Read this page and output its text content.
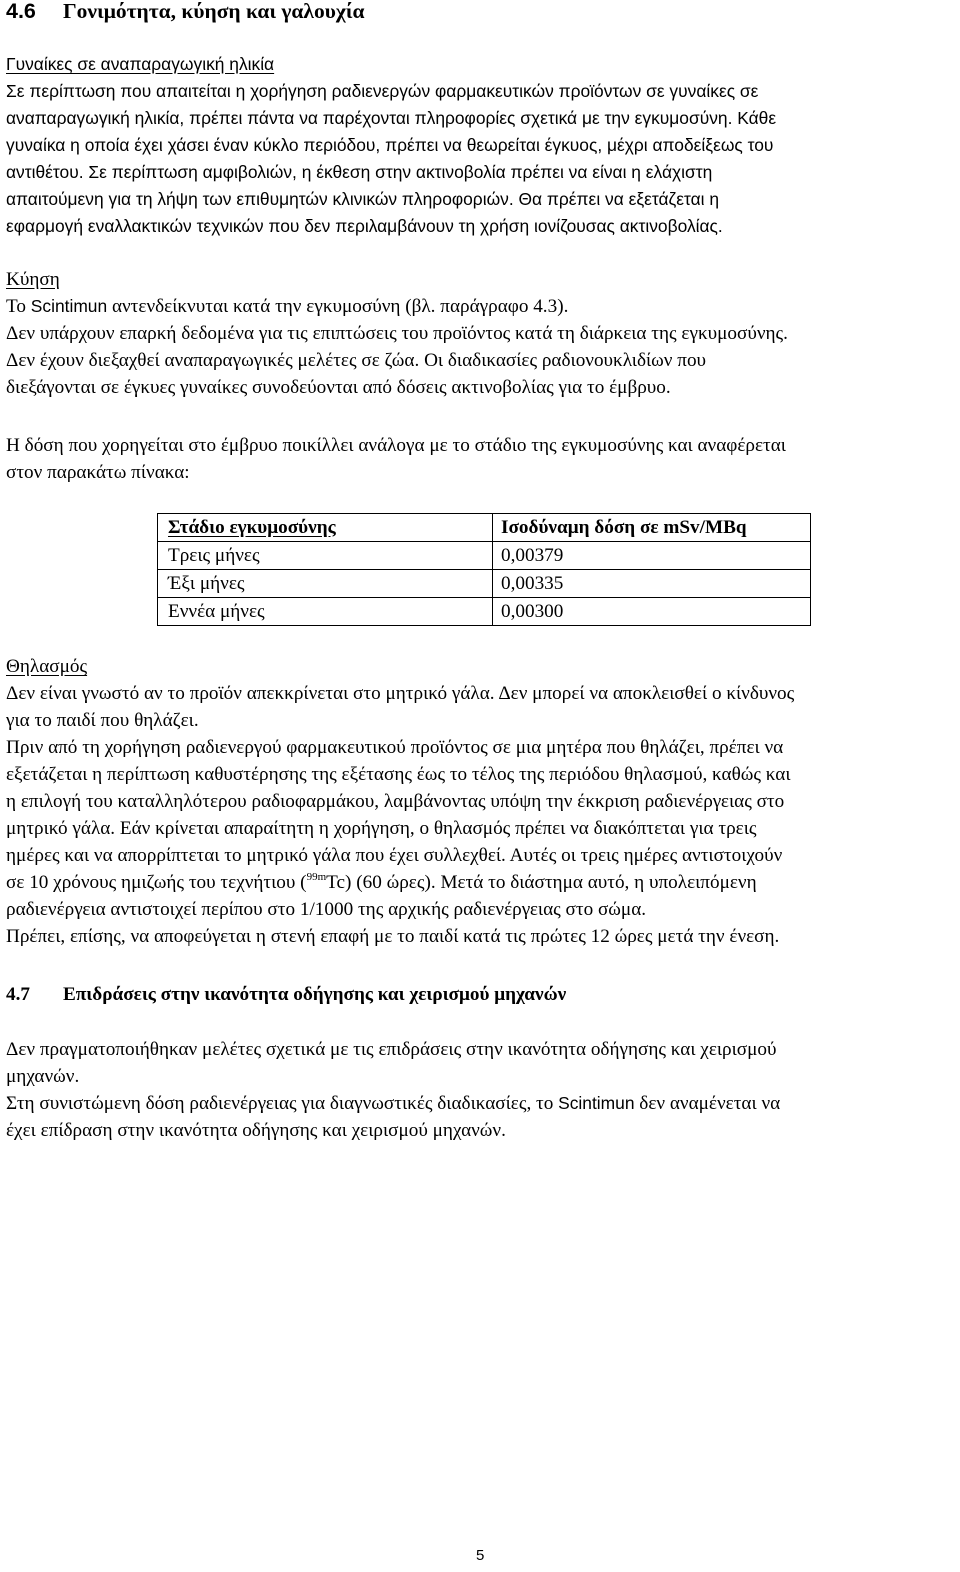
4.6 Γονιμότητα, κύηση και γαλουχία
Γυναίκες σε αναπαραγωγική ηλικία
Σε περίπτωση που απαιτείται η χορήγηση ραδιενεργών φαρμακευτικών προϊόντων σε γυναίκες σε
αναπαραγωγική ηλικία, πρέπει πάντα να παρέχονται πληροφορίες σχετικά με την εγκυμοσύνη. Κάθε
γυναίκα η οποία έχει χάσει έναν κύκλο περιόδου, πρέπει να θεωρείται έγκυος, μέχρι αποδείξεως του
αντιθέτου. Σε περίπτωση αμφιβολιών, η έκθεση στην ακτινοβολία πρέπει να είναι η ελάχιστη
απαιτούμενη για τη λήψη των επιθυμητών κλινικών πληροφοριών. Θα πρέπει να εξετάζεται η
εφαρμογή εναλλακτικών τεχνικών που δεν περιλαμβάνουν τη χρήση ιονίζουσας ακτινοβολίας.
Κύηση
Το Scintimun αντενδείκνυται κατά την εγκυμοσύνη (βλ. παράγραφο 4.3).
Δεν υπάρχουν επαρκή δεδομένα για τις επιπτώσεις του προϊόντος κατά τη διάρκεια της εγκυμοσύνης.
Δεν έχουν διεξαχθεί αναπαραγωγικές μελέτες σε ζώα. Οι διαδικασίες ραδιονουκλιδίων που
διεξάγονται σε έγκυες γυναίκες συνοδεύονται από δόσεις ακτινοβολίας για το έμβρυο.
Η δόση που χορηγείται στο έμβρυο ποικίλλει ανάλογα με το στάδιο της εγκυμοσύνης και αναφέρεται
στον παρακάτω πίνακα:
Στάδιο εγκυμοσύνης	Ισοδύναμη δόση σε mSv/MBq
Τρεις μήνες	0,00379
Έξι μήνες	0,00335
Εννέα μήνες	0,00300
Θηλασμός
Δεν είναι γνωστό αν το προϊόν απεκκρίνεται στο μητρικό γάλα. Δεν μπορεί να αποκλεισθεί ο κίνδυνος
για το παιδί που θηλάζει.
Πριν από τη χορήγηση ραδιενεργού φαρμακευτικού προϊόντος σε μια μητέρα που θηλάζει, πρέπει να
εξετάζεται η περίπτωση καθυστέρησης της εξέτασης έως το τέλος της περιόδου θηλασμού, καθώς και
η επιλογή του καταλληλότερου ραδιοφαρμάκου, λαμβάνοντας υπόψη την έκκριση ραδιενέργειας στο
μητρικό γάλα. Εάν κρίνεται απαραίτητη η χορήγηση, ο θηλασμός πρέπει να διακόπτεται για τρεις
ημέρες και να απορρίπτεται το μητρικό γάλα που έχει συλλεχθεί. Αυτές οι τρεις ημέρες αντιστοιχούν
σε 10 χρόνους ημιζωής του τεχνήτιου ($^{99m}$Tc) (60 ώρες). Μετά το διάστημα αυτό, η υπολειπόμενη
ραδιενέργεια αντιστοιχεί περίπου στο 1/1000 της αρχικής ραδιενέργειας στο σώμα.
Πρέπει, επίσης, να αποφεύγεται η στενή επαφή με το παιδί κατά τις πρώτες 12 ώρες μετά την ένεση.
4.7 Επιδράσεις στην ικανότητα οδήγησης και χειρισμού μηχανών
Δεν πραγματοποιήθηκαν μελέτες σχετικά με τις επιδράσεις στην ικανότητα οδήγησης και χειρισμού
μηχανών.
Στη συνιστώμενη δόση ραδιενέργειας για διαγνωστικές διαδικασίες, το Scintimun δεν αναμένεται να
έχει επίδραση στην ικανότητα οδήγησης και χειρισμού μηχανών.
5
